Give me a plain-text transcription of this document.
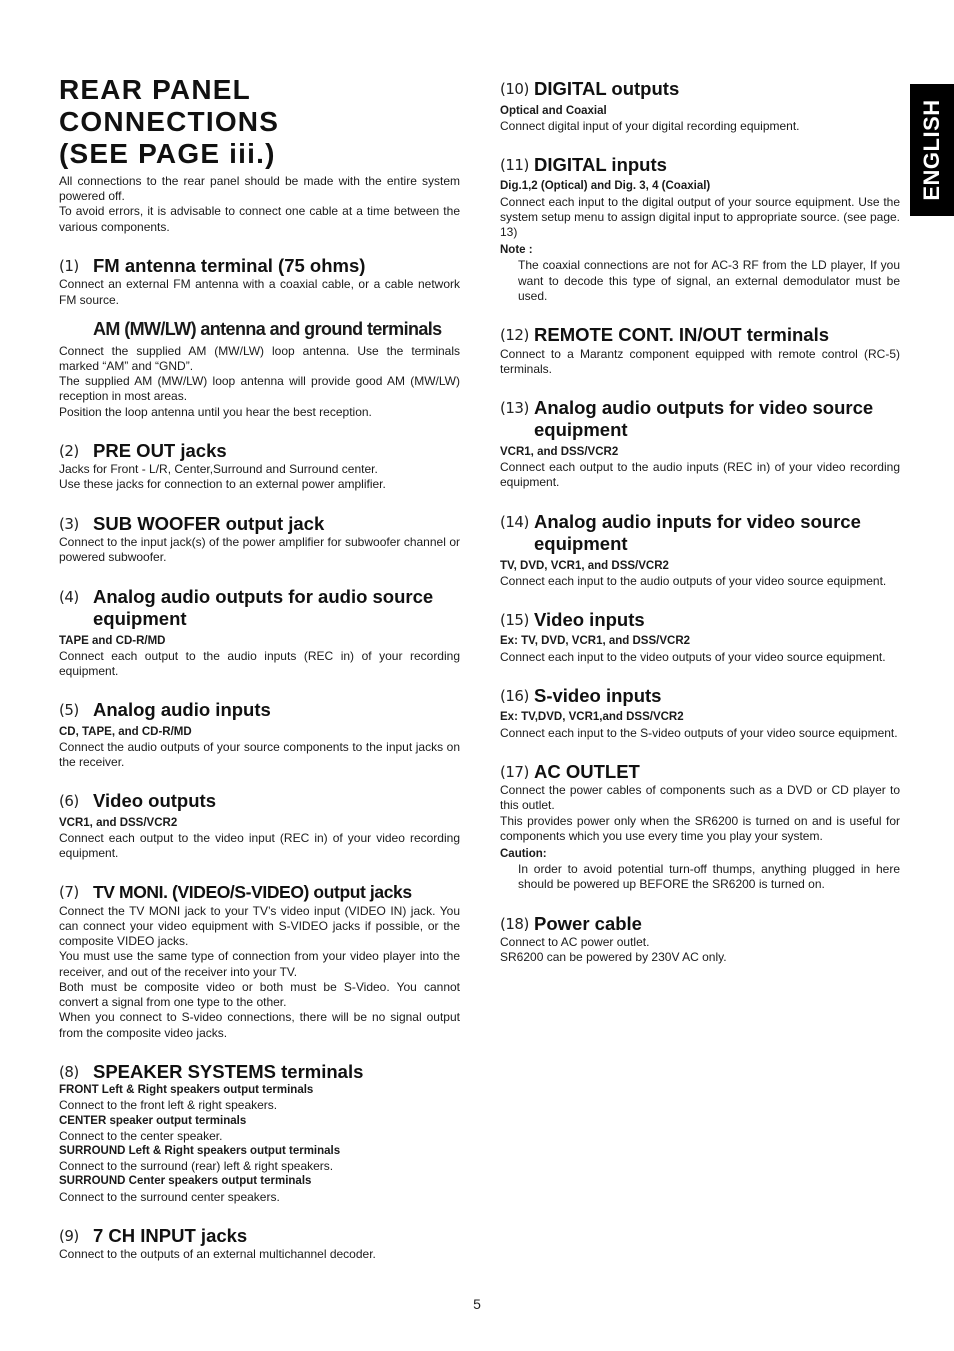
ENGLISH
REAR PANEL CONNECTIONS
(SEE PAGE iii.)

All connections to the rear panel should be made with the entire system powered off.

To avoid errors, it is advisable to connect one cable at a time between the various components.

(1) FM antenna terminal (75 ohms)

Connect an external FM antenna with a coaxial cable, or a cable network FM source.

AM (MW/LW) antenna and ground terminals

Connect the supplied AM (MW/LW) loop antenna. Use the terminals marked “AM” and “GND”.

The supplied AM (MW/LW) loop antenna will provide good AM (MW/LW) reception in most areas.

Position the loop antenna until you hear the best reception.

(2) PRE OUT jacks

Jacks for Front - L/R, Center,Surround and Surround center.

Use these jacks for connection to an external power amplifier.

(3) SUB WOOFER output jack

Connect to the input jack(s) of the power amplifier for subwoofer channel or powered subwoofer.

(4) Analog audio outputs for audio source
equipment

TAPE and CD-R/MD

Connect each output to the audio inputs (REC in) of your recording equipment.

(5) Analog audio inputs

CD, TAPE, and CD-R/MD

Connect the audio outputs of your source components to the input jacks on the receiver.

(6) Video outputs

VCR1, and DSS/VCR2

Connect each output to the video input (REC in) of your video recording equipment.

(7) TV MONI. (VIDEO/S-VIDEO) output jacks

Connect the TV MONI jack to your TV’s video input (VIDEO IN) jack. You can connect your video equipment with S-VIDEO jacks if possible, or the composite VIDEO jacks.

You must use the same type of connection from your video player into the receiver, and out of the receiver into your TV.

Both must be composite video or both must be S-Video. You cannot convert a signal from one type to the other.

When you connect to S-video connections, there will be no signal output from the composite video jacks.

(8) SPEAKER SYSTEMS terminals

FRONT Left & Right speakers output terminals

Connect to the front left & right speakers.

CENTER speaker output terminals

Connect to the center speaker.

SURROUND Left & Right speakers output terminals

Connect to the surround (rear) left & right speakers.

SURROUND Center speakers output terminals

Connect to the surround center speakers.

(9) 7 CH INPUT jacks

Connect to the outputs of an external multichannel decoder.

(10) DIGITAL outputs

Optical and Coaxial

Connect digital input of your digital recording equipment.

(11) DIGITAL inputs

Dig.1,2 (Optical) and Dig. 3, 4 (Coaxial)

Connect each input to the digital output of your source equipment. Use the system setup menu to assign digital input to appropriate source. (see page. 13)

Note :

The coaxial connections are not for AC-3 RF from the LD player, If you want to decode this type of signal, an external demodulator must be used.

(12) REMOTE CONT. IN/OUT terminals

Connect to a Marantz component equipped with remote control (RC-5) terminals.

(13) Analog audio outputs for video source
equipment

VCR1, and DSS/VCR2

Connect each output to the audio inputs (REC in) of your video recording equipment.

(14) Analog audio inputs for video source
equipment

TV, DVD, VCR1, and DSS/VCR2

Connect each input to the audio outputs of your video source equipment.

(15) Video inputs

Ex: TV, DVD, VCR1, and DSS/VCR2

Connect each input to the video outputs of your video source equipment.

(16) S-video inputs

Ex: TV,DVD, VCR1,and DSS/VCR2

Connect each input to the S-video outputs of your video source equipment.

(17) AC OUTLET

Connect the power cables of components such as a DVD or CD player to this outlet.

This provides power only when the SR6200 is turned on and is useful for components which you use every time you play your system.

Caution:

In order to avoid potential turn-off thumps, anything plugged in here should be powered up BEFORE the SR6200 is turned on.

(18) Power cable

Connect to AC power outlet.

SR6200 can be powered by 230V AC only.

5
